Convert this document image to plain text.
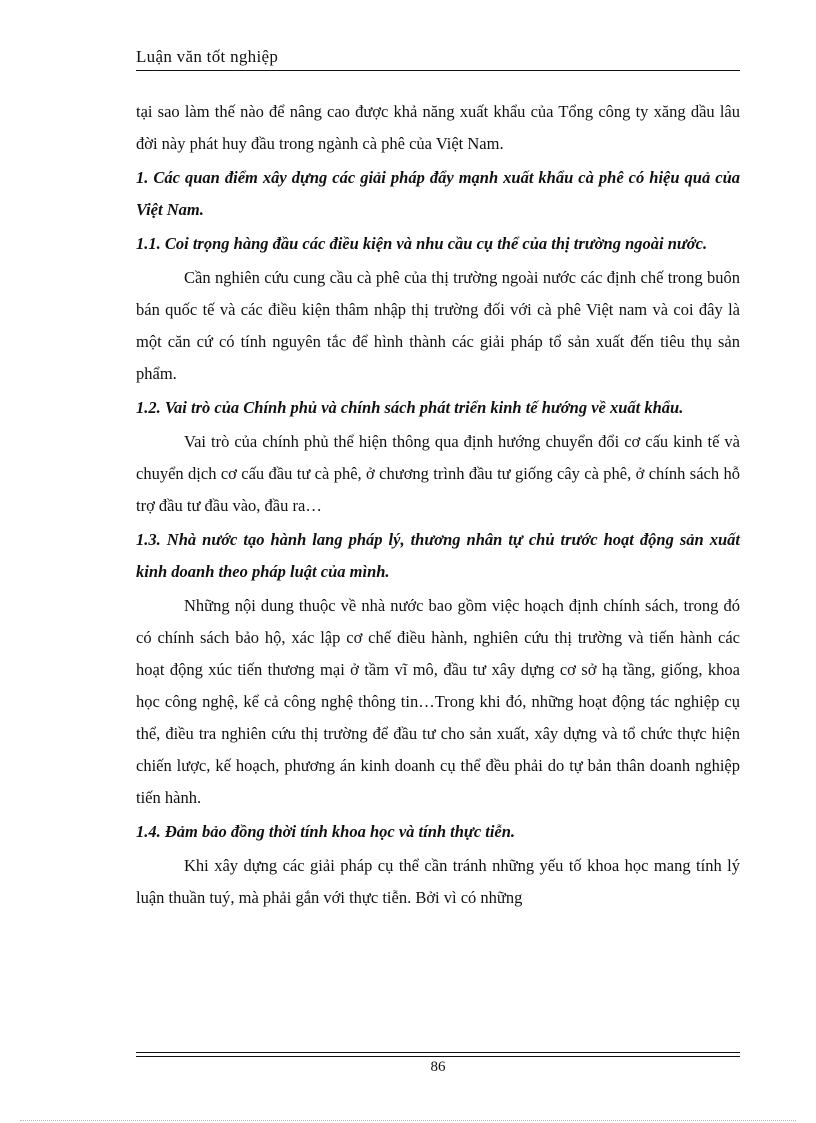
Luận văn tốt nghiệp

tại sao làm thế nào để nâng cao được khả năng xuất khẩu của Tổng công ty xăng dầu lâu đời này phát huy đầu trong ngành cà phê của Việt Nam.

1. Các quan điểm xây dựng các giải pháp đẩy mạnh xuất khẩu cà phê có hiệu quả của Việt Nam.

1.1. Coi trọng hàng đầu các điều kiện và nhu cầu cụ thể của thị trường ngoài nước.

Cần nghiên cứu cung cầu cà phê của thị trường ngoài nước các định chế trong buôn bán quốc tế và các điều kiện thâm nhập thị trường đối với cà phê Việt nam và coi đây là một căn cứ có tính nguyên tắc để hình thành các giải pháp tổ sản xuất đến tiêu thụ sản phẩm.

1.2. Vai trò của Chính phủ và chính sách phát triển kinh tế hướng về xuất khẩu.

Vai trò của chính phủ thể hiện thông qua định hướng chuyển đổi cơ cấu kinh tế và chuyển dịch cơ cấu đầu tư cà phê, ở chương trình đầu tư giống cây cà phê, ở chính sách hỗ trợ đầu tư đầu vào, đầu ra…

1.3. Nhà nước tạo hành lang pháp lý, thương nhân tự chủ trước hoạt động sản xuất kinh doanh theo pháp luật của mình.

Những nội dung thuộc về nhà nước bao gồm việc hoạch định chính sách, trong đó có chính sách bảo hộ, xác lập cơ chế điều hành, nghiên cứu thị trường và tiến hành các hoạt động xúc tiến thương mại ở tầm vĩ mô, đầu tư xây dựng cơ sở hạ tầng, giống, khoa học công nghệ, kể cả công nghệ thông tin…Trong khi đó, những hoạt động tác nghiệp cụ thể, điều tra nghiên cứu thị trường để đầu tư cho sản xuất, xây dựng và tổ chức thực hiện chiến lược, kế hoạch, phương án kinh doanh cụ thể đều phải do tự bản thân doanh nghiệp tiến hành.

1.4. Đảm bảo đồng thời tính khoa học và tính thực tiễn.

Khi xây dựng các giải pháp cụ thể cần tránh những yếu tố khoa học mang tính lý luận thuần tuý, mà phải gắn với thực tiễn. Bởi vì có những

86
